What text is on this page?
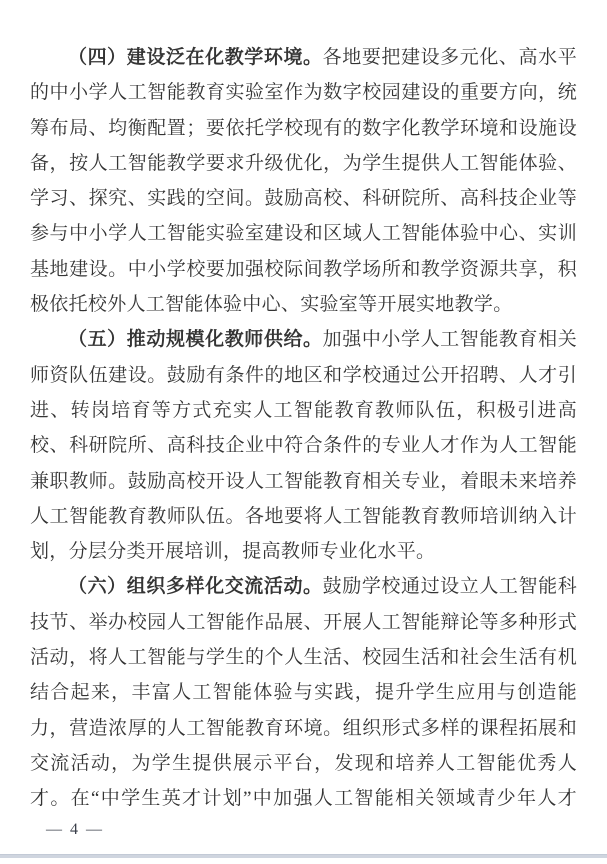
（四）建设泛在化教学环境。各地要把建设多元化、高水平
的中小学人工智能教育实验室作为数字校园建设的重要方向，统
筹布局、均衡配置；要依托学校现有的数字化教学环境和设施设
备，按人工智能教学要求升级优化，为学生提供人工智能体验、
学习、探究、实践的空间。鼓励高校、科研院所、高科技企业等
参与中小学人工智能实验室建设和区域人工智能体验中心、实训
基地建设。中小学校要加强校际间教学场所和教学资源共享，积
极依托校外人工智能体验中心、实验室等开展实地教学。
（五）推动规模化教师供给。加强中小学人工智能教育相关
师资队伍建设。鼓励有条件的地区和学校通过公开招聘、人才引
进、转岗培育等方式充实人工智能教育教师队伍，积极引进高
校、科研院所、高科技企业中符合条件的专业人才作为人工智能
兼职教师。鼓励高校开设人工智能教育相关专业，着眼未来培养
人工智能教育教师队伍。各地要将人工智能教育教师培训纳入计
划，分层分类开展培训，提高教师专业化水平。
（六）组织多样化交流活动。鼓励学校通过设立人工智能科
技节、举办校园人工智能作品展、开展人工智能辩论等多种形式
活动，将人工智能与学生的个人生活、校园生活和社会生活有机
结合起来，丰富人工智能体验与实践，提升学生应用与创造能
力，营造浓厚的人工智能教育环境。组织形式多样的课程拓展和
交流活动，为学生提供展示平台，发现和培养人工智能优秀人
才。在“中学生英才计划”中加强人工智能相关领域青少年人才
— 4 —
